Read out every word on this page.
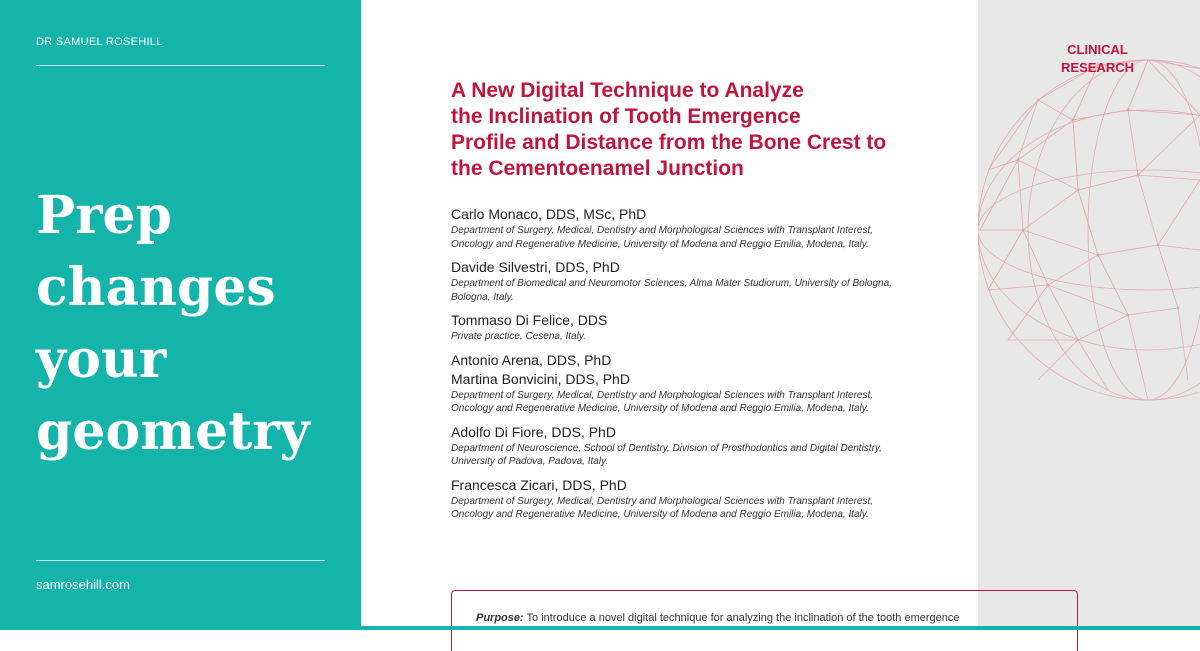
DR SAMUEL ROSEHILL
Prep
changes
your
geometry
samrosehill.com
A New Digital Technique to Analyze
the Inclination of Tooth Emergence
Profile and Distance from the Bone Crest to
the Cementoenamel Junction
Carlo Monaco, DDS, MSc, PhD
Department of Surgery, Medical, Dentistry and Morphological Sciences with Transplant Interest,
Oncology and Regenerative Medicine, University of Modena and Reggio Emilia, Modena, Italy.
Davide Silvestri, DDS, PhD
Department of Biomedical and Neuromotor Sciences, Alma Mater Studiorum, University of Bologna,
Bologna, Italy.
Tommaso Di Felice, DDS
Private practice, Cesena, Italy.
Antonio Arena, DDS, PhD
Martina Bonvicini, DDS, PhD
Department of Surgery, Medical, Dentistry and Morphological Sciences with Transplant Interest,
Oncology and Regenerative Medicine, University of Modena and Reggio Emilia, Modena, Italy.
Adolfo Di Fiore, DDS, PhD
Department of Neuroscience, School of Dentistry, Division of Prosthodontics and Digital Dentistry,
University of Padova, Padova, Italy.
Francesca Zicari, DDS, PhD
Department of Surgery, Medical, Dentistry and Morphological Sciences with Transplant Interest,
Oncology and Regenerative Medicine, University of Modena and Reggio Emilia, Modena, Italy.
CLINICAL
RESEARCH
Purpose: To introduce a novel digital technique for analyzing the inclination of the tooth emergence
